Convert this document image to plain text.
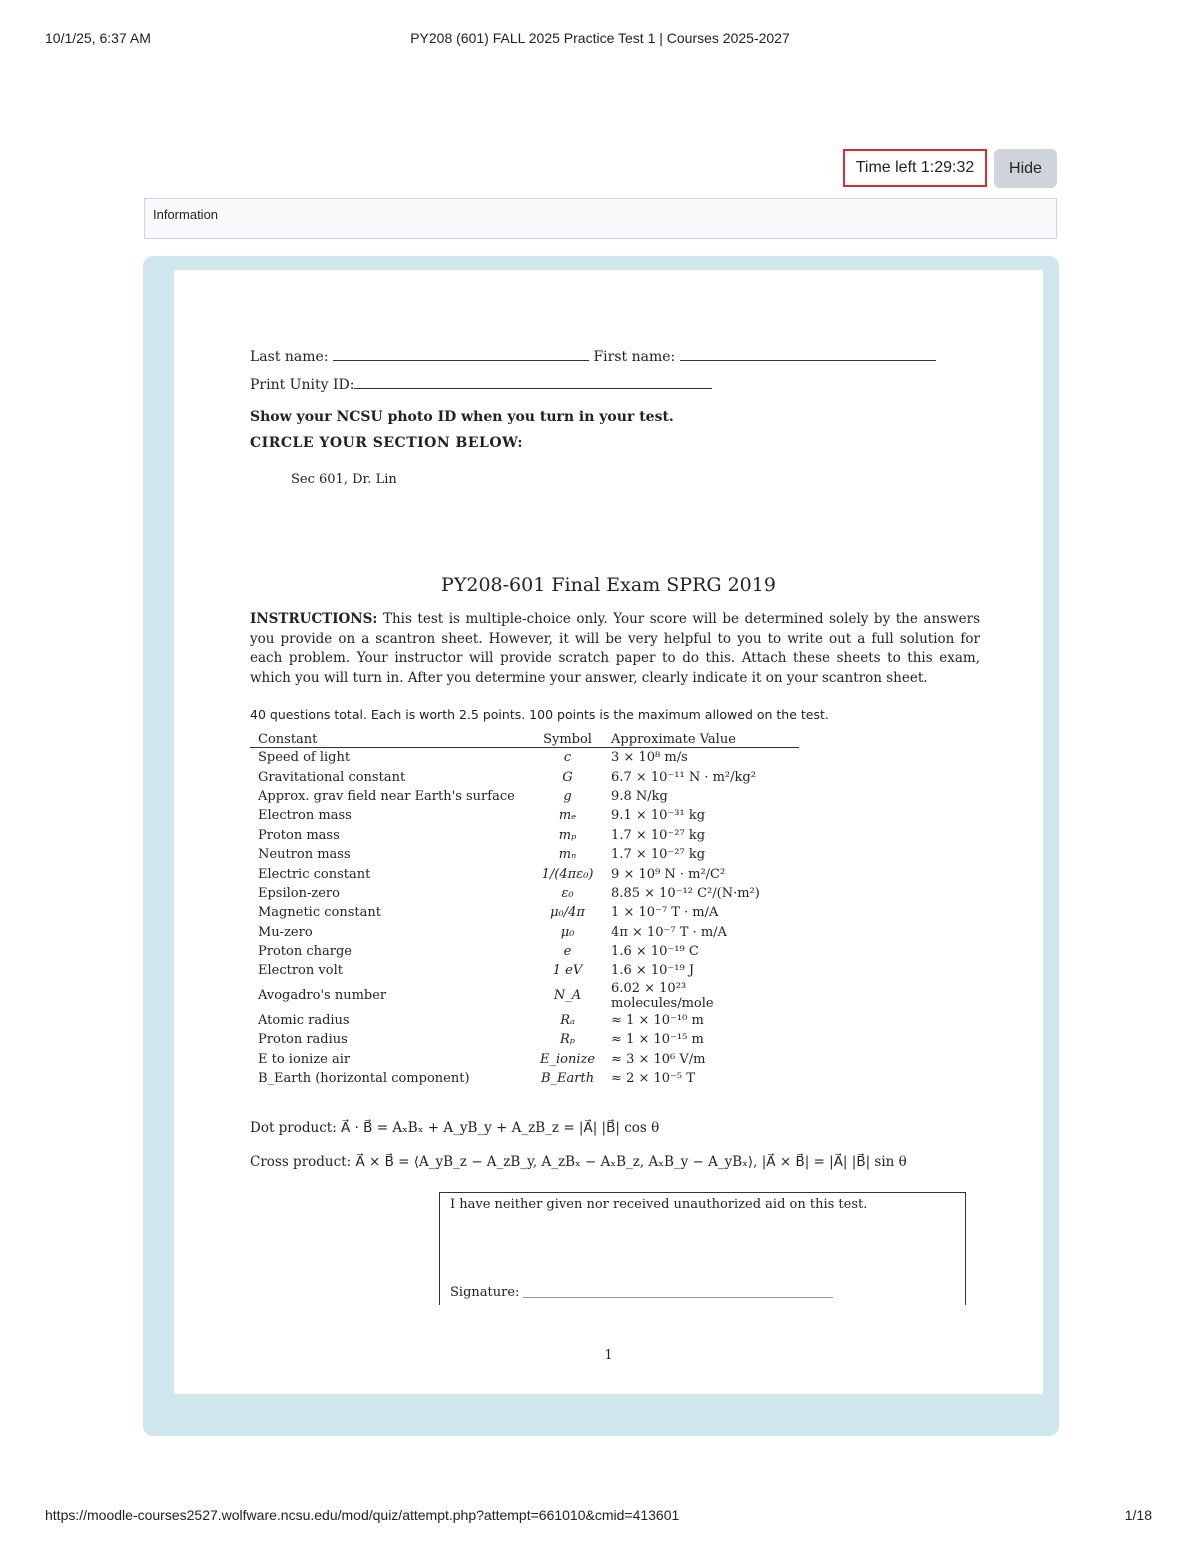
10/1/25, 6:37 AM	PY208 (601) FALL 2025 Practice Test 1 | Courses 2025-2027
Time left 1:29:32	Hide
Information
Last name:	First name:
Print Unity ID:
Show your NCSU photo ID when you turn in your test.
CIRCLE YOUR SECTION BELOW:
Sec 601, Dr. Lin
PY208-601 Final Exam SPRG 2019
INSTRUCTIONS: This test is multiple-choice only. Your score will be determined solely by the answers you provide on a scantron sheet. However, it will be very helpful to you to write out a full solution for each problem. Your instructor will provide scratch paper to do this. Attach these sheets to this exam, which you will turn in. After you determine your answer, clearly indicate it on your scantron sheet.
40 questions total. Each is worth 2.5 points. 100 points is the maximum allowed on the test.
Constant	Symbol	Approximate Value
Speed of light	c	3 × 10⁸ m/s
Gravitational constant	G	6.7 × 10⁻¹¹ N · m²/kg²
Approx. grav field near Earth's surface	g	9.8 N/kg
Electron mass	mₑ	9.1 × 10⁻³¹ kg
Proton mass	mₚ	1.7 × 10⁻²⁷ kg
Neutron mass	mₙ	1.7 × 10⁻²⁷ kg
Electric constant	1/(4πε₀)	9 × 10⁹ N · m²/C²
Epsilon-zero	ε₀	8.85 × 10⁻¹² C²/(N·m²)
Magnetic constant	μ₀/4π	1 × 10⁻⁷ T · m/A
Mu-zero	μ₀	4π × 10⁻⁷ T · m/A
Proton charge	e	1.6 × 10⁻¹⁹ C
Electron volt	1 eV	1.6 × 10⁻¹⁹ J
Avogadro's number	N_A	6.02 × 10²³ molecules/mole
Atomic radius	Rₐ	≈ 1 × 10⁻¹⁰ m
Proton radius	Rₚ	≈ 1 × 10⁻¹⁵ m
E to ionize air	E_ionize	≈ 3 × 10⁶ V/m
B_Earth (horizontal component)	B_Earth	≈ 2 × 10⁻⁵ T
Dot product: A⃗ · B⃗ = AₓBₓ + A_yB_y + A_zB_z = |A⃗| |B⃗| cos θ
Cross product: A⃗ × B⃗ = ⟨A_yB_z − A_zB_y, A_zBₓ − AₓB_z, AₓB_y − A_yBₓ⟩, |A⃗ × B⃗| = |A⃗| |B⃗| sin θ
I have neither given nor received unauthorized aid on this test.
Signature:
1
https://moodle-courses2527.wolfware.ncsu.edu/mod/quiz/attempt.php?attempt=661010&cmid=413601	1/18
